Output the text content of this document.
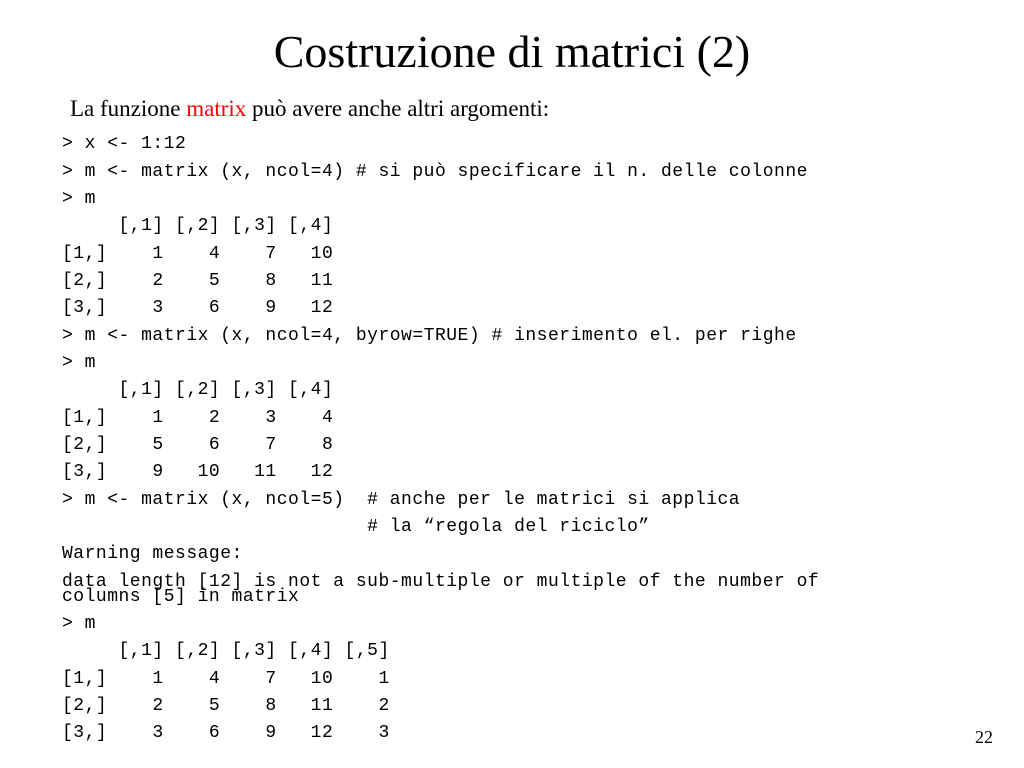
Costruzione di matrici (2)
La funzione matrix può avere anche altri argomenti:
> x <- 1:12
> m <- matrix (x, ncol=4) # si può specificare il n. delle colonne
> m
[,1] [,2] [,3] [,4]
[1,]    1    4    7   10
[2,]    2    5    8   11
[3,]    3    6    9   12
> m <- matrix (x, ncol=4, byrow=TRUE) # inserimento el. per righe
> m
[,1] [,2] [,3] [,4]
[1,]    1    2    3    4
[2,]    5    6    7    8
[3,]    9   10   11   12
> m <- matrix (x, ncol=5)  # anche per le matrici si applica
# la “regola del riciclo”
Warning message:
data length [12] is not a sub-multiple or multiple of the number of
columns [5] in matrix
> m
[,1] [,2] [,3] [,4] [,5]
[1,]    1    4    7   10    1
[2,]    2    5    8   11    2
[3,]    3    6    9   12    3	22
